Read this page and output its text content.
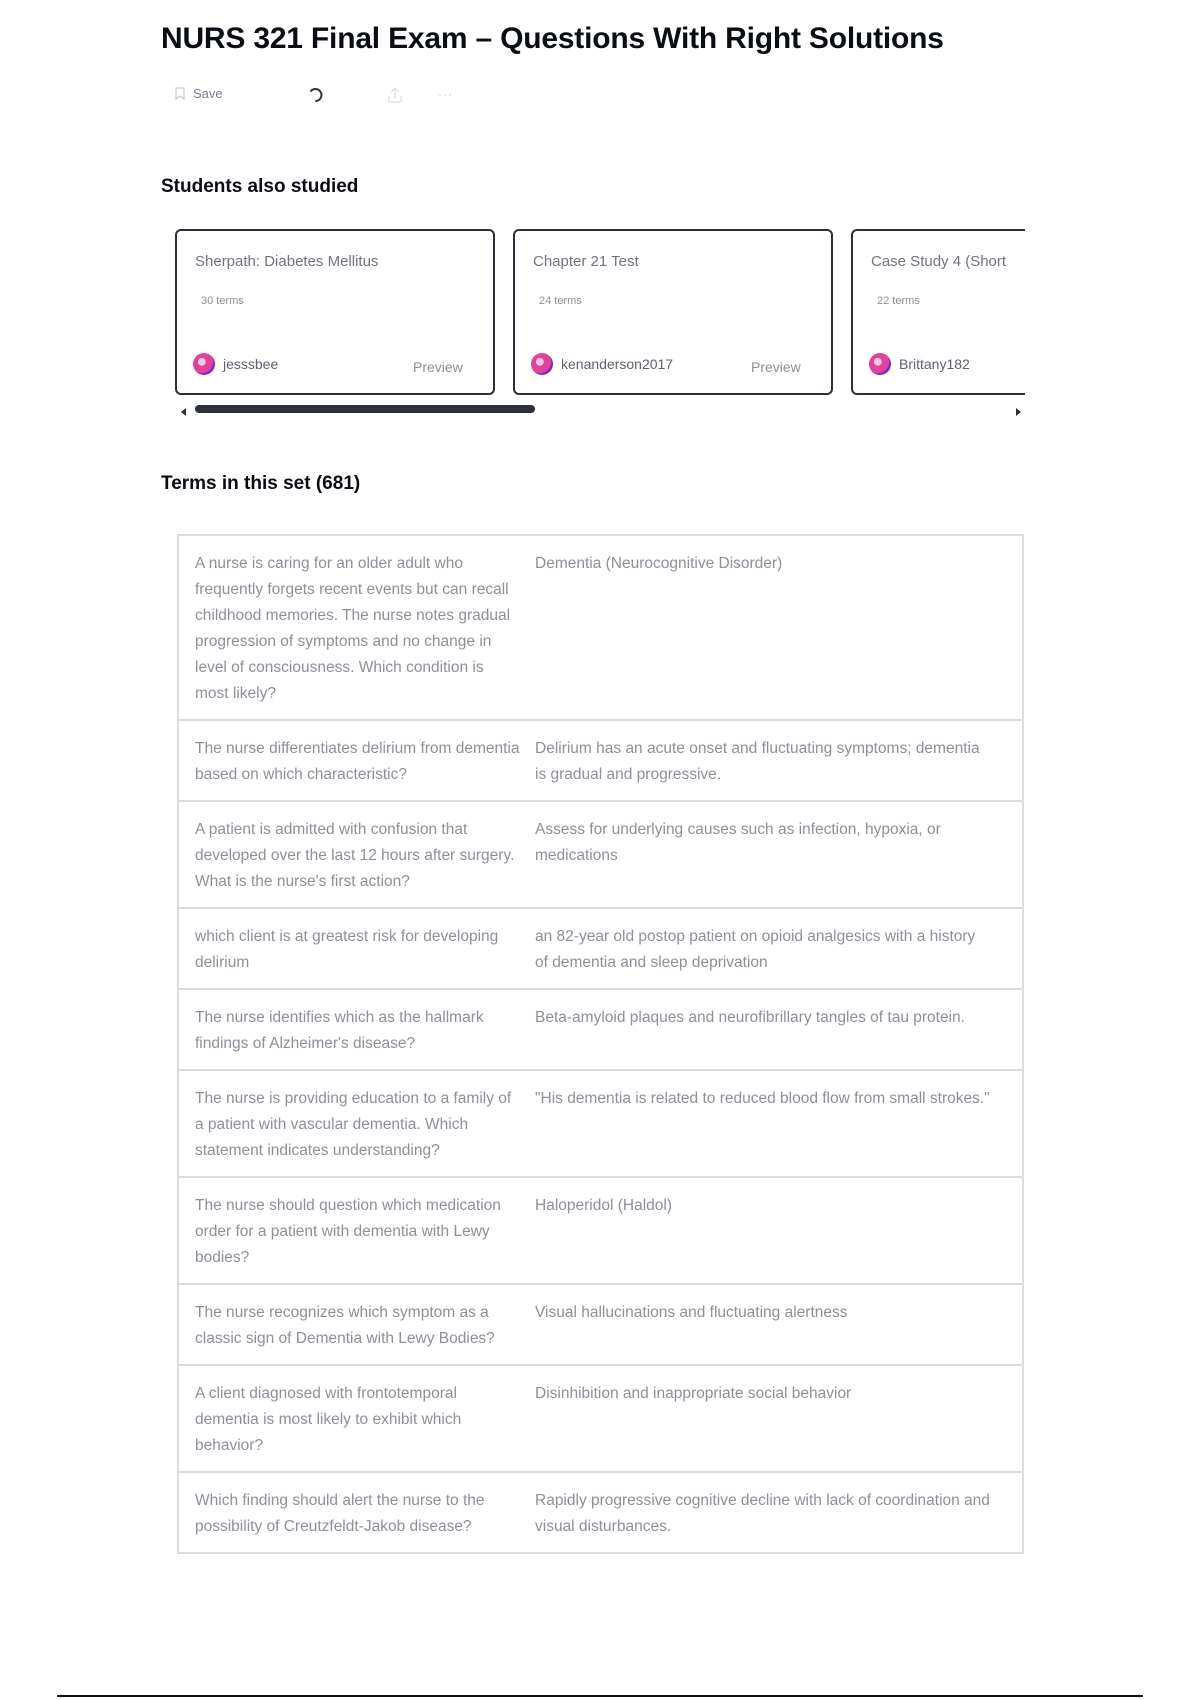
NURS 321 Final Exam – Questions With Right Solutions
Save
Students also studied
Sherpath: Diabetes Mellitus
30 terms
jesssbee	Preview
Chapter 21 Test
24 terms
kenanderson2017	Preview
Case Study 4 (Short
22 terms
Brittany182
Terms in this set (681)
A nurse is caring for an older adult who frequently forgets recent events but can recall childhood memories. The nurse notes gradual progression of symptoms and no change in level of consciousness. Which condition is most likely?
Dementia (Neurocognitive Disorder)
The nurse differentiates delirium from dementia based on which characteristic?
Delirium has an acute onset and fluctuating symptoms; dementia is gradual and progressive.
A patient is admitted with confusion that developed over the last 12 hours after surgery. What is the nurse's first action?
Assess for underlying causes such as infection, hypoxia, or medications
which client is at greatest risk for developing delirium
an 82-year old postop patient on opioid analgesics with a history of dementia and sleep deprivation
The nurse identifies which as the hallmark findings of Alzheimer's disease?
Beta-amyloid plaques and neurofibrillary tangles of tau protein.
The nurse is providing education to a family of a patient with vascular dementia. Which statement indicates understanding?
"His dementia is related to reduced blood flow from small strokes."
The nurse should question which medication order for a patient with dementia with Lewy bodies?
Haloperidol (Haldol)
The nurse recognizes which symptom as a classic sign of Dementia with Lewy Bodies?
Visual hallucinations and fluctuating alertness
A client diagnosed with frontotemporal dementia is most likely to exhibit which behavior?
Disinhibition and inappropriate social behavior
Which finding should alert the nurse to the possibility of Creutzfeldt-Jakob disease?
Rapidly progressive cognitive decline with lack of coordination and visual disturbances.
